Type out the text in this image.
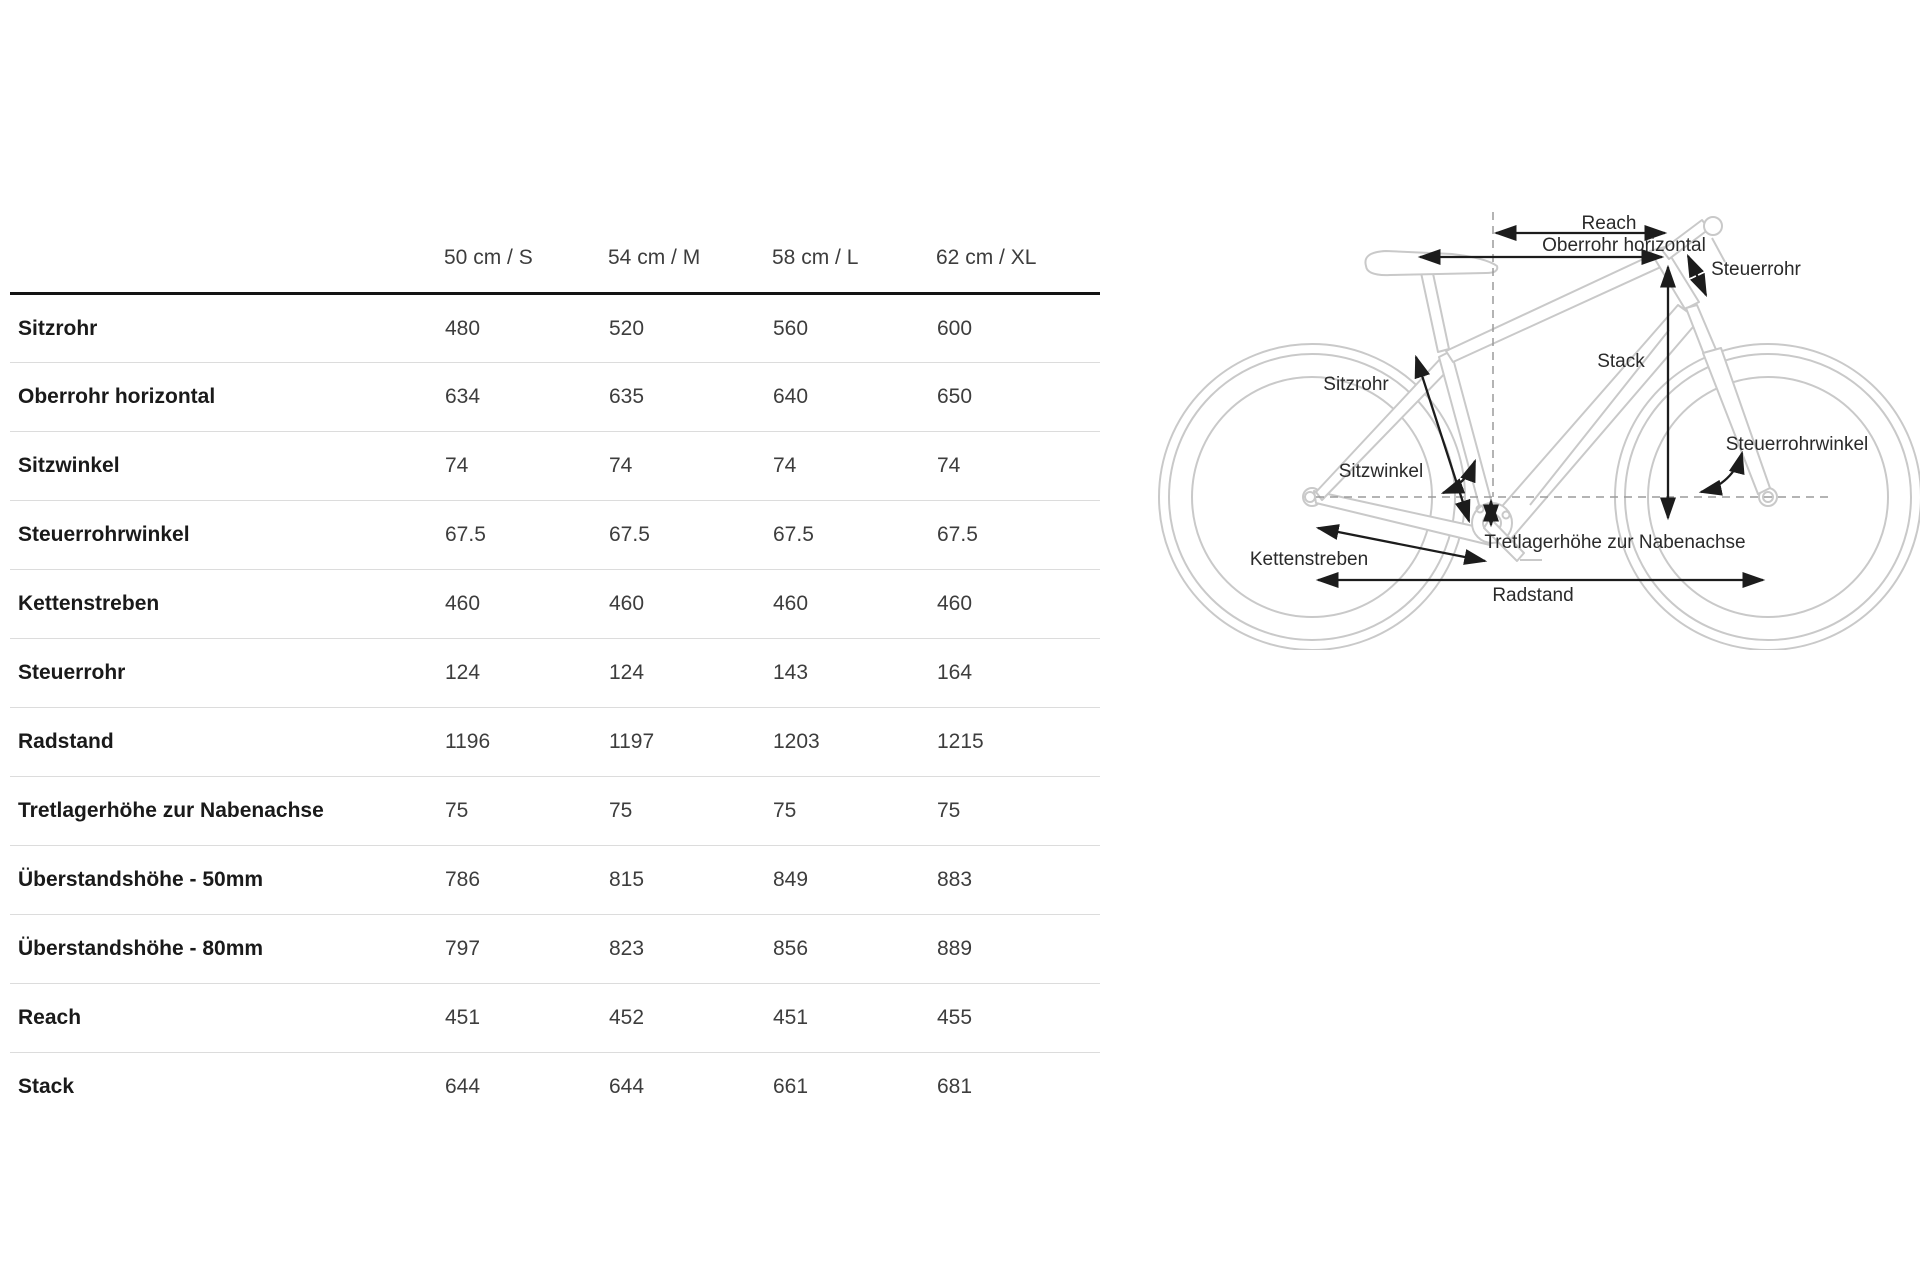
	50 cm / S	54 cm / M	58 cm / L	62 cm / XL
Sitzrohr	480	520	560	600
Oberrohr horizontal	634	635	640	650
Sitzwinkel	74	74	74	74
Steuerrohrwinkel	67.5	67.5	67.5	67.5
Kettenstreben	460	460	460	460
Steuerrohr	124	124	143	164
Radstand	1196	1197	1203	1215
Tretlagerhöhe zur Nabenachse	75	75	75	75
Überstandshöhe - 50mm	786	815	849	883
Überstandshöhe - 80mm	797	823	856	889
Reach	451	452	451	455
Stack	644	644	661	681
Reach
Oberrohr horizontal
Steuerrohr
Stack
Sitzrohr
Steuerrohrwinkel
Sitzwinkel
Tretlagerhöhe zur Nabenachse
Kettenstreben
Radstand
